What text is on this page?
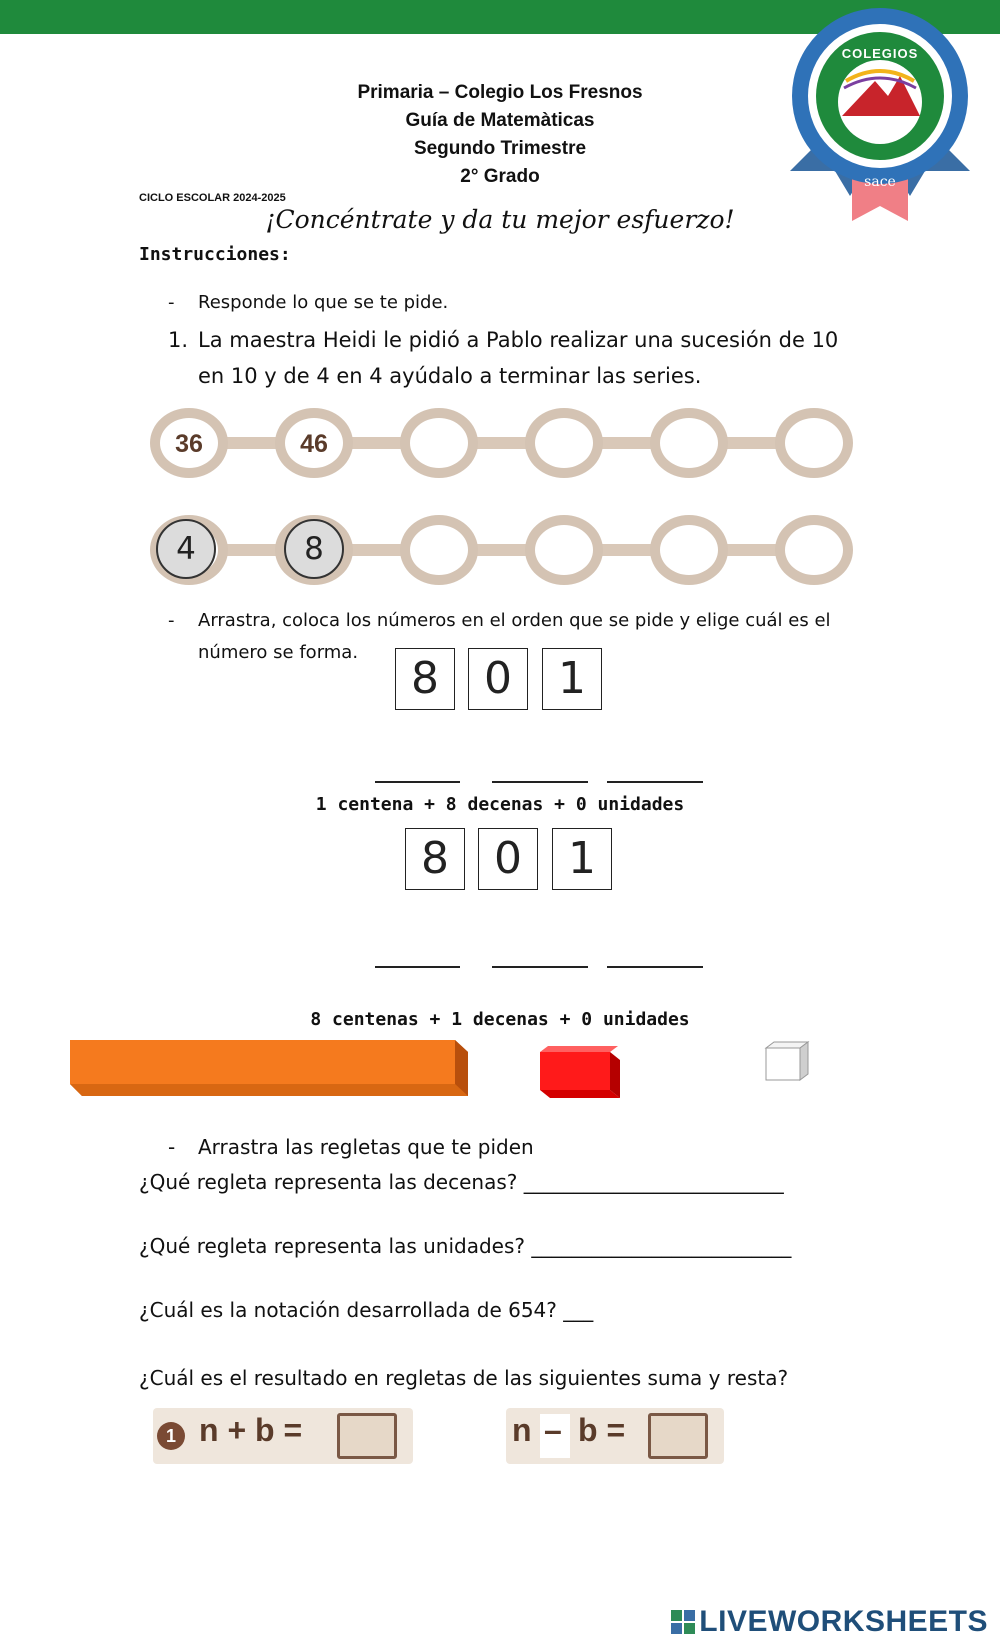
COLEGIOS
sace
Primaria – Colegio Los Fresnos
Guía de Matemàticas
Segundo Trimestre
2° Grado
CICLO ESCOLAR 2024-2025
¡Concéntrate y da tu mejor esfuerzo!
Instrucciones:
- Responde lo que se te pide.
1. La maestra Heidi le pidió a Pablo realizar una sucesión de 10
en 10 y de 4 en 4 ayúdalo a terminar las series.
36	46
4	8
- Arrastra, coloca los números en el orden que se pide y elige cuál es el
número se forma.
8	0	1
1 centena + 8 decenas + 0 unidades
8	0	1
8 centenas + 1 decenas + 0 unidades
- Arrastra las regletas que te piden
¿Qué regleta representa las decenas? __________________________
¿Qué regleta representa las unidades? __________________________
¿Cuál es la notación desarrollada de 654? ___
¿Cuál es el resultado en regletas de las siguientes suma y resta?
1 n + b =	n – b =
LIVEWORKSHEETS
